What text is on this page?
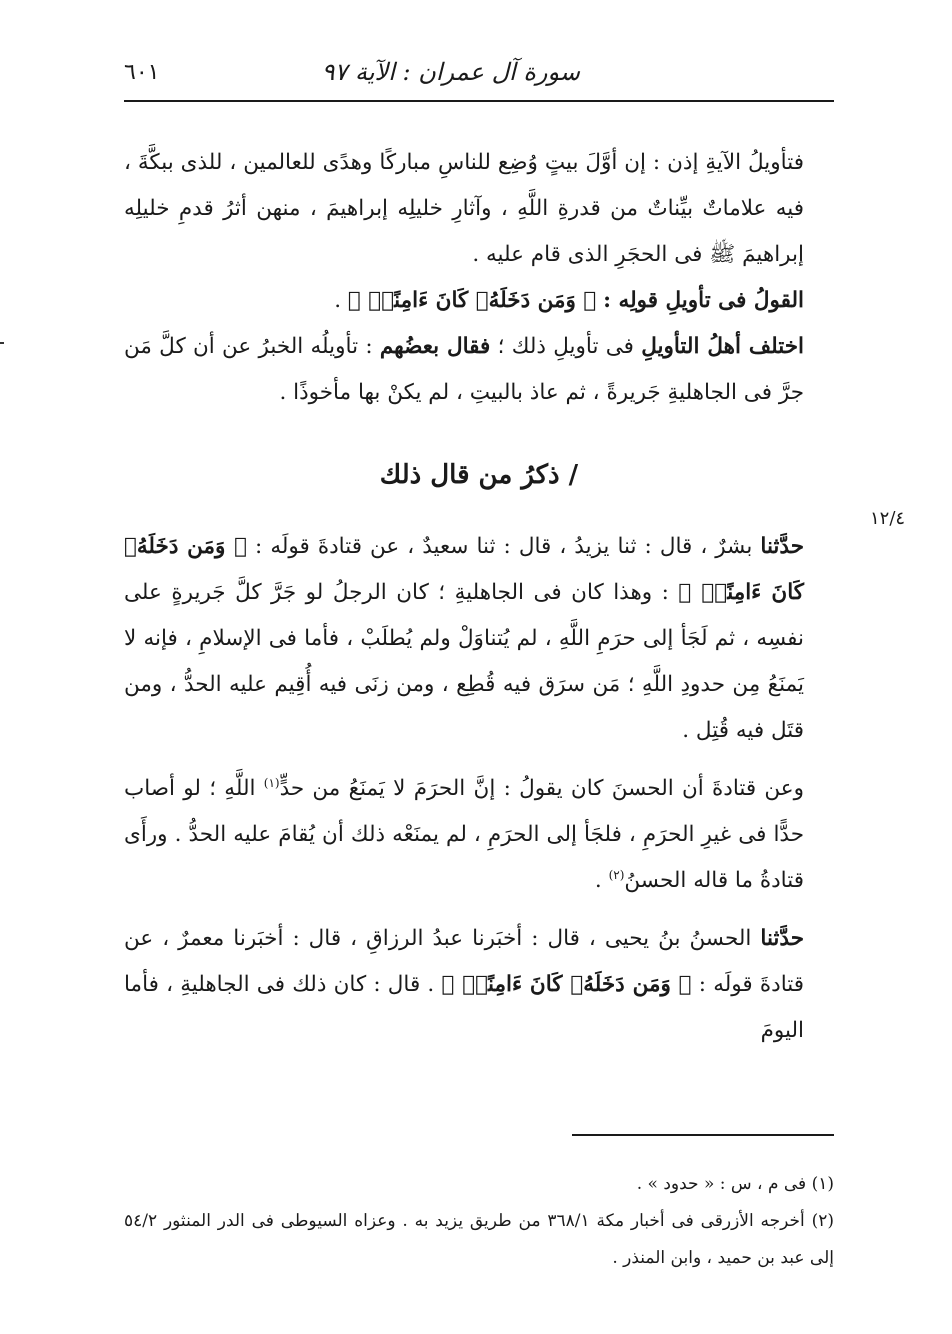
سورة آل عمران : الآية ٩٧
٦٠١
١٢/٤

فتأويلُ الآيةِ إذن : إن أوَّلَ بيتٍ وُضِع للناسِ مباركًا وهدًى للعالمين ، للذى ببكَّةَ ، فيه علاماتٌ بيِّناتٌ من قدرةِ اللَّهِ ، وآثارِ خليلِه إبراهيمَ ، منهن أثرُ قدمِ خليلِه إبراهيمَ ﷺ فى الحجَرِ الذى قام عليه .

القولُ فى تأويلِ قولِه : ﴿ وَمَن دَخَلَهُۥ كَانَ ءَامِنًاۗ ﴾ .

اختلف أهلُ التأويلِ فى تأويلِ ذلك ؛ فقال بعضُهم : تأويلُه الخبرُ عن أن كلَّ مَن جرَّ فى الجاهليةِ جَريرةً ، ثم عاذ بالبيتِ ، لم يكنْ بها مأخوذًا .

/ ذكرُ من قال ذلك

حدَّثنا بشرٌ ، قال : ثنا يزيدُ ، قال : ثنا سعيدٌ ، عن قتادةَ قولَه : ﴿ وَمَن دَخَلَهُۥ كَانَ ءَامِنًاۗ ﴾ : وهذا كان فى الجاهليةِ ؛ كان الرجلُ لو جَرَّ كلَّ جَريرةٍ على نفسِه ، ثم لَجَأ إلى حرَمِ اللَّهِ ، لم يُتناوَلْ ولم يُطلَبْ ، فأما فى الإسلامِ ، فإنه لا يَمنَعُ مِن حدودِ اللَّهِ ؛ مَن سرَق فيه قُطِع ، ومن زنَى فيه أُقِيم عليه الحدُّ ، ومن قتَل فيه قُتِل .

وعن قتادةَ أن الحسنَ كان يقولُ : إنَّ الحرَمَ لا يَمنَعُ من حدٍّ$^{(١)}$ اللَّهِ ؛ لو أصاب حدًّا فى غيرِ الحرَمِ ، فلجَأ إلى الحرَمِ ، لم يمنَعْه ذلك أن يُقامَ عليه الحدُّ . ورأَى قتادةُ ما قاله الحسنُ$^{(٢)}$ .

حدَّثنا الحسنُ بنُ يحيى ، قال : أخبَرنا عبدُ الرزاقِ ، قال : أخبَرنا معمرٌ ، عن قتادةَ قولَه : ﴿ وَمَن دَخَلَهُۥ كَانَ ءَامِنًاۗ ﴾ . قال : كان ذلك فى الجاهليةِ ، فأما اليومَ

(١) فى م ، س : « حدود » .

(٢) أخرجه الأزرقى فى أخبار مكة ٣٦٨/١ من طريق يزيد به . وعزاه السيوطى فى الدر المنثور ٥٤/٢ إلى عبد بن حميد ، وابن المنذر .
